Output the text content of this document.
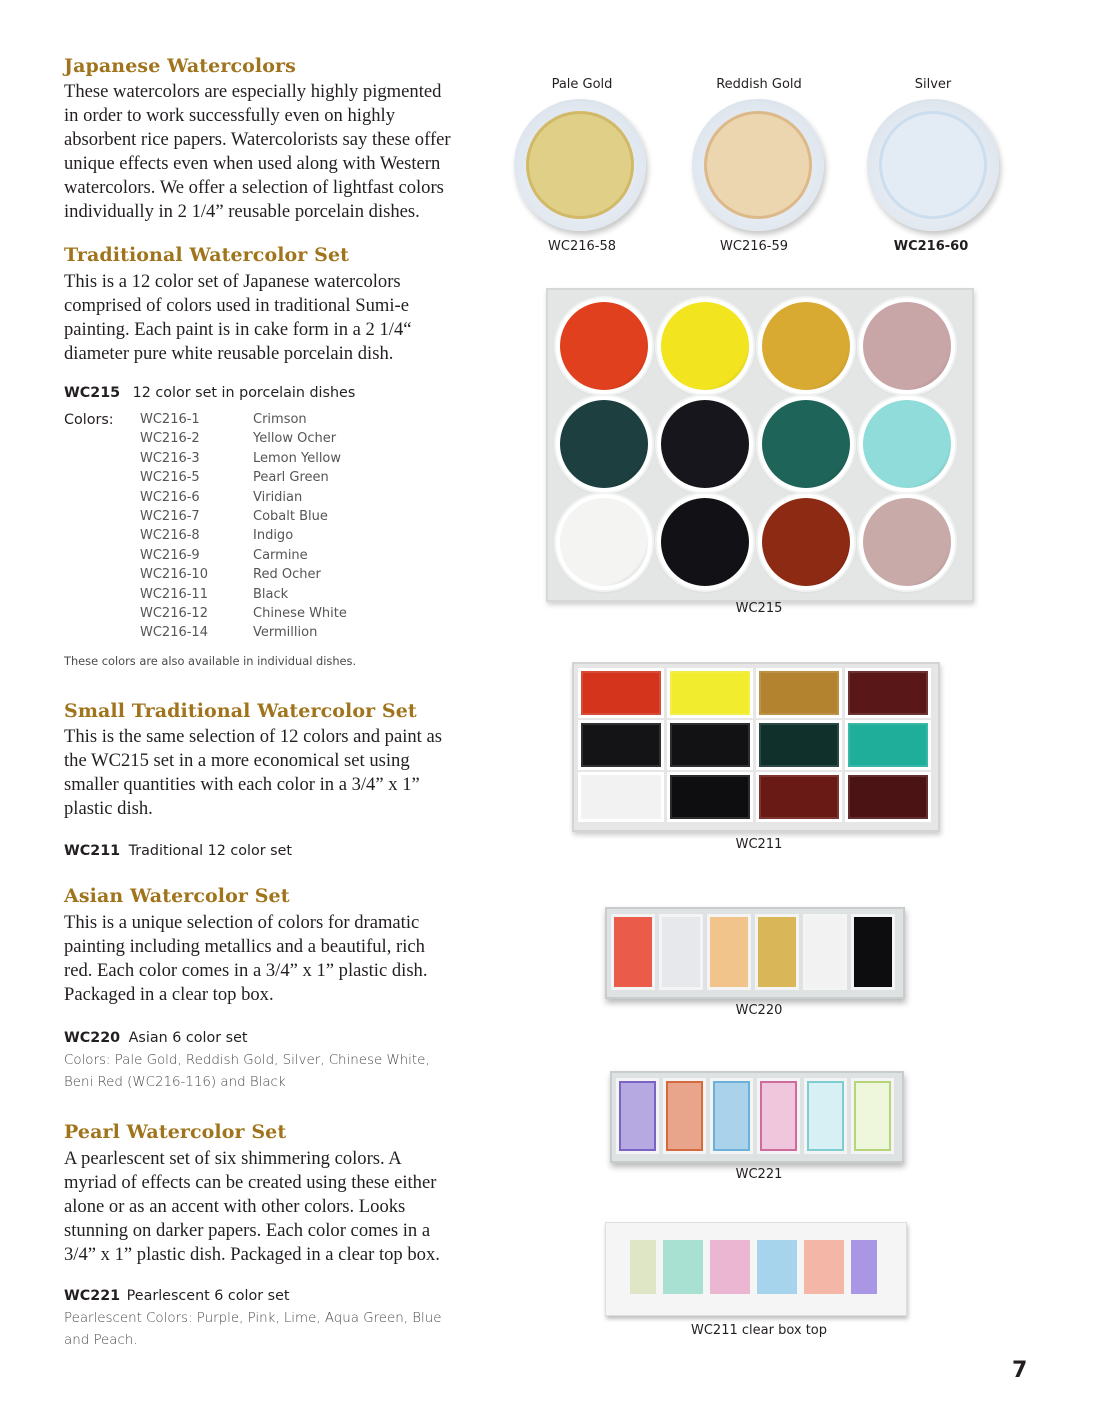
Japanese Watercolors
These watercolors are especially highly pigmented
in order to work successfully even on highly
absorbent rice papers. Watercolorists say these offer
unique effects even when used along with Western
watercolors. We offer a selection of lightfast colors
individually in 2 1/4” reusable porcelain dishes.
Traditional Watercolor Set
This is a 12 color set of Japanese watercolors
comprised of colors used in traditional Sumi-e
painting. Each paint is in cake form in a 2 1/4“
diameter pure white reusable porcelain dish.
WC215 12 color set in porcelain dishes
Colors: WC216-1	Crimson
WC216-2	Yellow Ocher
WC216-3	Lemon Yellow
WC216-5	Pearl Green
WC216-6	Viridian
WC216-7	Cobalt Blue
WC216-8	Indigo
WC216-9	Carmine
WC216-10	Red Ocher
WC216-11	Black
WC216-12	Chinese White
WC216-14	Vermillion
These colors are also available in individual dishes.
Small Traditional Watercolor Set
This is the same selection of 12 colors and paint as
the WC215 set in a more economical set using
smaller quantities with each color in a 3/4” x 1”
plastic dish.
WC211 Traditional 12 color set
Asian Watercolor Set
This is a unique selection of colors for dramatic
painting including metallics and a beautiful, rich
red. Each color comes in a 3/4” x 1” plastic dish.
Packaged in a clear top box.
WC220 Asian 6 color set
Colors: Pale Gold, Reddish Gold, Silver, Chinese White,
Beni Red (WC216-116) and Black
Pearl Watercolor Set
A pearlescent set of six shimmering colors. A
myriad of effects can be created using these either
alone or as an accent with other colors. Looks
stunning on darker papers. Each color comes in a
3/4” x 1” plastic dish. Packaged in a clear top box.
WC221 Pearlescent 6 color set
Pearlescent Colors: Purple, Pink, Lime, Aqua Green, Blue
and Peach.
Pale Gold	Reddish Gold	Silver
WC216-58	WC216-59	WC216-60
WC215
WC211
WC220
WC221
WC211 clear box top
7
